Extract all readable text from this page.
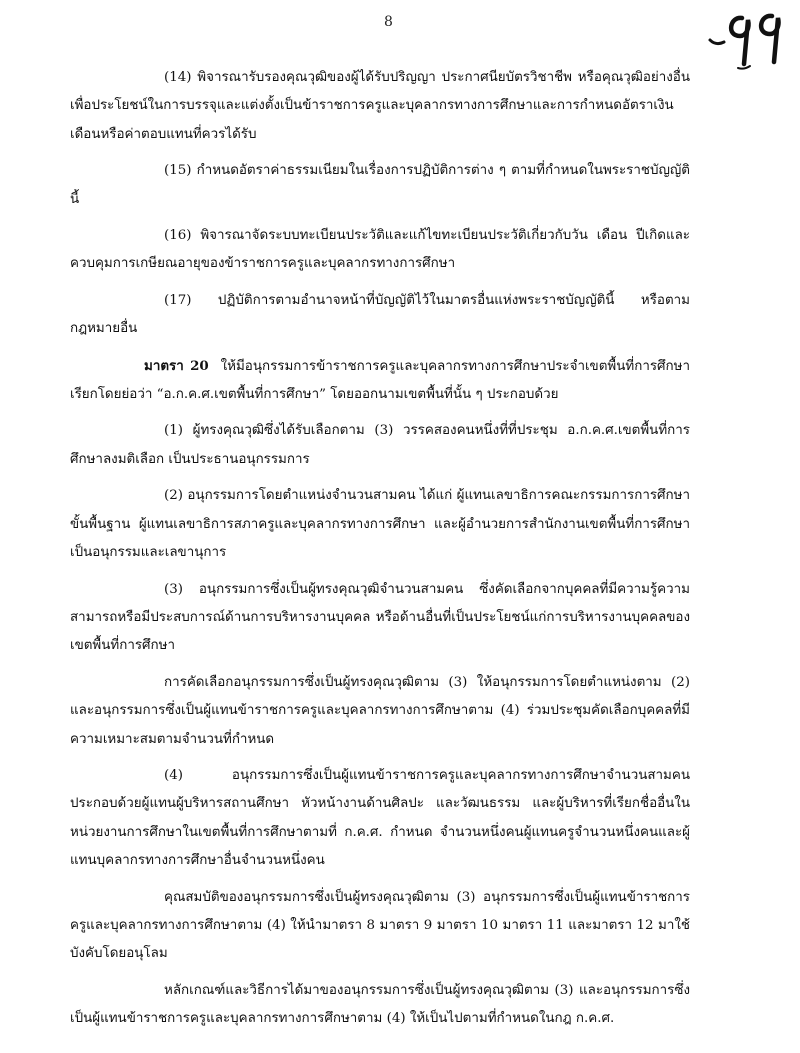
8

(14) พิจารณารับรองคุณวุฒิของผู้ได้รับปริญญา ประกาศนียบัตรวิชาชีพ หรือคุณวุฒิอย่างอื่นเพื่อประโยชน์ในการบรรจุและแต่งตั้งเป็นข้าราชการครูและบุคลากรทางการศึกษาและการกำหนดอัตราเงินเดือนหรือค่าตอบแทนที่ควรได้รับ

(15) กำหนดอัตราค่าธรรมเนียมในเรื่องการปฏิบัติการต่าง ๆ ตามที่กำหนดในพระราชบัญญัตินี้

(16) พิจารณาจัดระบบทะเบียนประวัติและแก้ไขทะเบียนประวัติเกี่ยวกับวัน เดือน ปีเกิดและควบคุมการเกษียณอายุของข้าราชการครูและบุคลากรทางการศึกษา

(17) ปฏิบัติการตามอำนาจหน้าที่บัญญัติไว้ในมาตรอื่นแห่งพระราชบัญญัตินี้ หรือตามกฎหมายอื่น

มาตรา 20 ให้มีอนุกรรมการข้าราชการครูและบุคลากรทางการศึกษาประจำเขตพื้นที่การศึกษาเรียกโดยย่อว่า “อ.ก.ค.ศ.เขตพื้นที่การศึกษา” โดยออกนามเขตพื้นที่นั้น ๆ ประกอบด้วย

(1) ผู้ทรงคุณวุฒิซึ่งได้รับเลือกตาม (3) วรรคสองคนหนึ่งที่ที่ประชุม อ.ก.ค.ศ.เขตพื้นที่การศึกษาลงมติเลือก เป็นประธานอนุกรรมการ

(2) อนุกรรมการโดยตำแหน่งจำนวนสามคน ได้แก่ ผู้แทนเลขาธิการคณะกรรมการการศึกษาขั้นพื้นฐาน ผู้แทนเลขาธิการสภาครูและบุคลากรทางการศึกษา และผู้อำนวยการสำนักงานเขตพื้นที่การศึกษาเป็นอนุกรรมและเลขานุการ

(3) อนุกรรมการซึ่งเป็นผู้ทรงคุณวุฒิจำนวนสามคน ซึ่งคัดเลือกจากบุคคลที่มีความรู้ความสามารถหรือมีประสบการณ์ด้านการบริหารงานบุคคล หรือด้านอื่นที่เป็นประโยชน์แก่การบริหารงานบุคคลของเขตพื้นที่การศึกษา

การคัดเลือกอนุกรรมการซึ่งเป็นผู้ทรงคุณวุฒิตาม (3) ให้อนุกรรมการโดยตำแหน่งตาม (2) และอนุกรรมการซึ่งเป็นผู้แทนข้าราชการครูและบุคลากรทางการศึกษาตาม (4) ร่วมประชุมคัดเลือกบุคคลที่มีความเหมาะสมตามจำนวนที่กำหนด

(4) อนุกรรมการซึ่งเป็นผู้แทนข้าราชการครูและบุคลากรทางการศึกษาจำนวนสามคนประกอบด้วยผู้แทนผู้บริหารสถานศึกษา หัวหน้างานด้านศิลปะ และวัฒนธรรม และผู้บริหารที่เรียกชื่ออื่นในหน่วยงานการศึกษาในเขตพื้นที่การศึกษาตามที่ ก.ค.ศ. กำหนด จำนวนหนึ่งคนผู้แทนครูจำนวนหนึ่งคนและผู้แทนบุคลากรทางการศึกษาอื่นจำนวนหนึ่งคน

คุณสมบัติของอนุกรรมการซึ่งเป็นผู้ทรงคุณวุฒิตาม (3) อนุกรรมการซึ่งเป็นผู้แทนข้าราชการครูและบุคลากรทางการศึกษาตาม (4) ให้นำมาตรา 8 มาตรา 9 มาตรา 10 มาตรา 11 และมาตรา 12 มาใช้บังคับโดยอนุโลม

หลักเกณฑ์และวิธีการได้มาของอนุกรรมการซึ่งเป็นผู้ทรงคุณวุฒิตาม (3) และอนุกรรมการซึ่งเป็นผู้แทนข้าราชการครูและบุคลากรทางการศึกษาตาม (4) ให้เป็นไปตามที่กำหนดในกฎ ก.ค.ศ.
